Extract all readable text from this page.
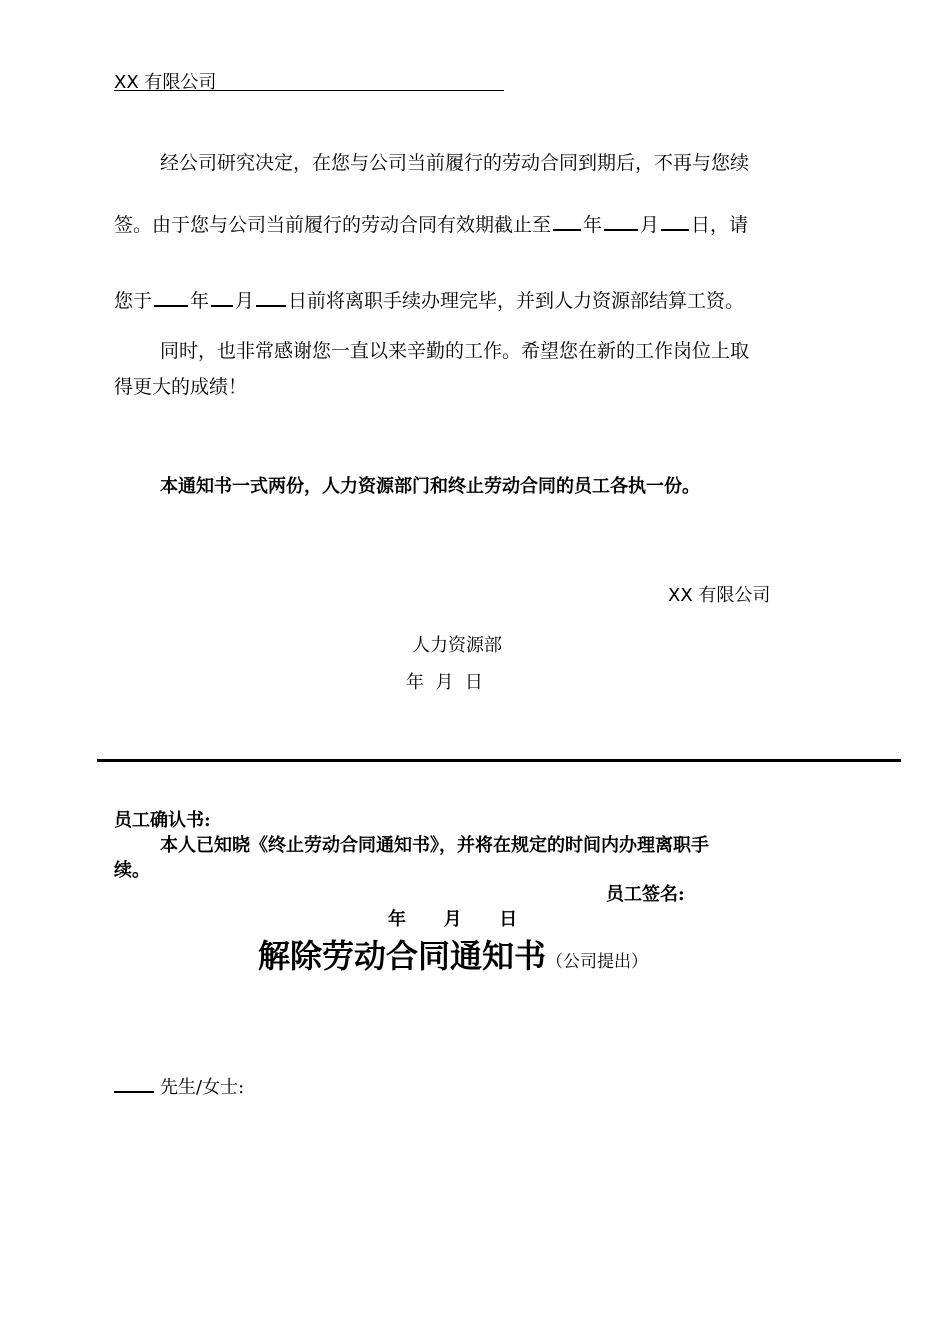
XX 有限公司
经公司研究决定，在您与公司当前履行的劳动合同到期后，不再与您续
签。由于您与公司当前履行的劳动合同有效期截止至 年 月 日，请
您于 年 月 日前将离职手续办理完毕，并到人力资源部结算工资。
同时，也非常感谢您一直以来辛勤的工作。希望您在新的工作岗位上取
得更大的成绩！
本通知书一式两份，人力资源部门和终止劳动合同的员工各执一份。
XX 有限公司
人力资源部
年  月  日
员工确认书:
本人已知晓《终止劳动合同通知书》，并将在规定的时间内办理离职手
续。
员工签名:
年      月      日
解除劳动合同通知书（公司提出）
先生/女士:
